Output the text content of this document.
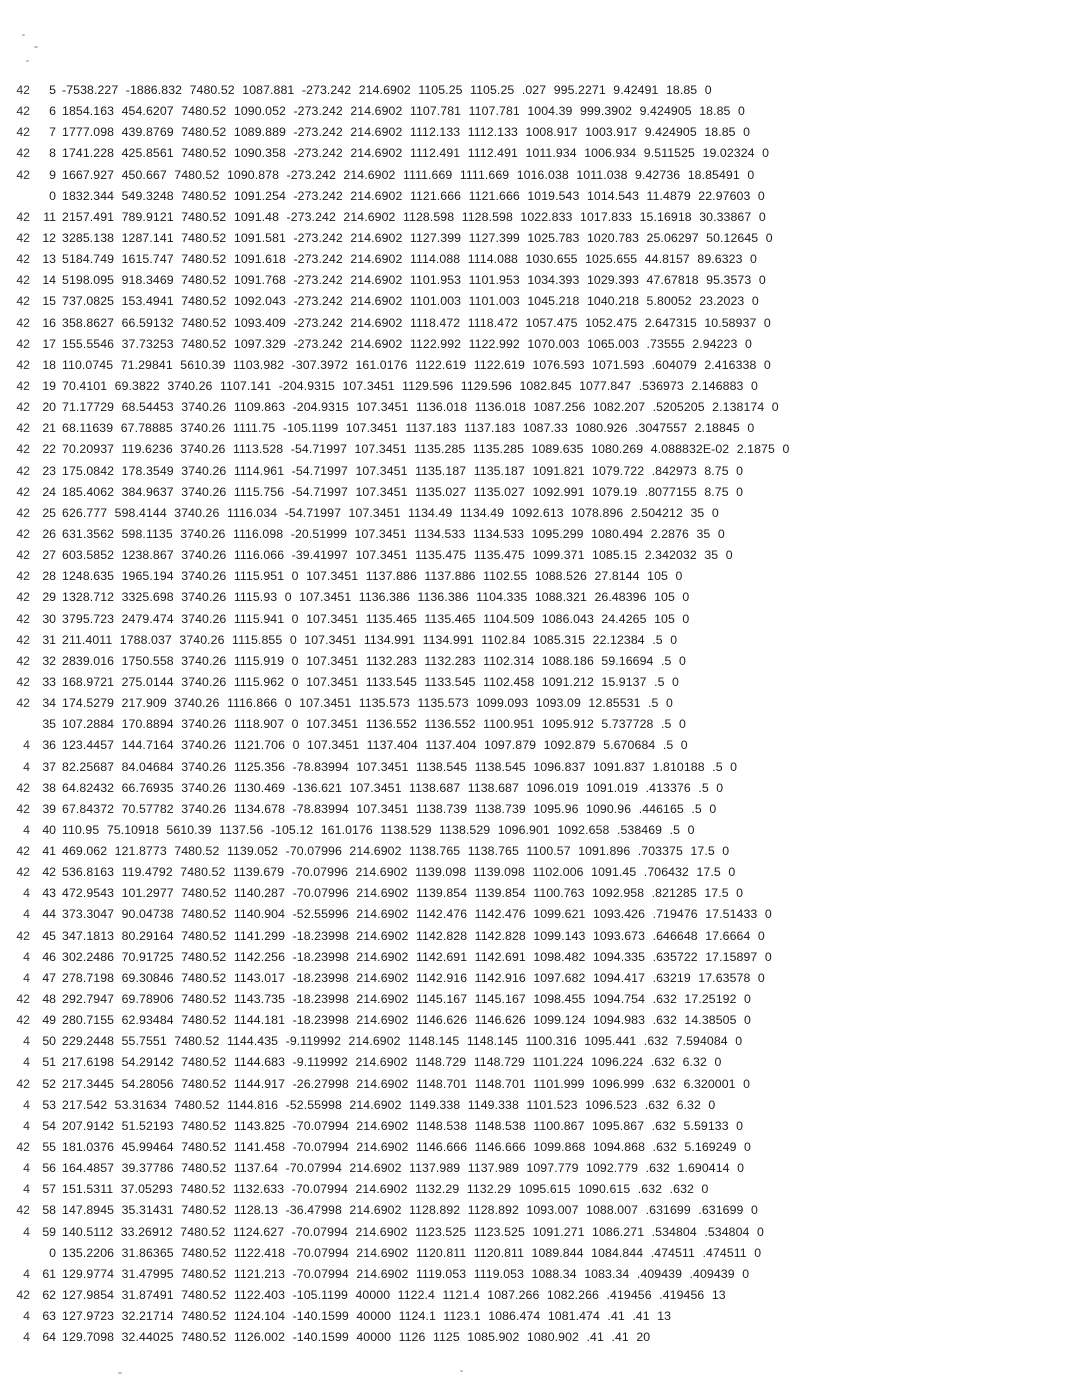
42 5 -7538.227 -1886.832 7480.52 1087.881 -273.242 214.6902 1105.25 1105.25 .027 995.2271 9.42491 18.85 0
42 6 1854.163 454.6207 7480.52 1090.052 -273.242 214.6902 1107.781 1107.781 1004.39 999.3902 9.424905 18.85 0
42 7 1777.098 439.8769 7480.52 1089.889 -273.242 214.6902 1112.133 1112.133 1008.917 1003.917 9.424905 18.85 0
42 8 1741.228 425.8561 7480.52 1090.358 -273.242 214.6902 1112.491 1112.491 1011.934 1006.934 9.511525 19.02324 0
42 9 1667.927 450.667 7480.52 1090.878 -273.242 214.6902 1111.669 1111.669 1016.038 1011.038 9.42736 18.85491 0
0 1832.344 549.3248 7480.52 1091.254 -273.242 214.6902 1121.666 1121.666 1019.543 1014.543 11.4879 22.97603 0
42 11 2157.491 789.9121 7480.52 1091.48 -273.242 214.6902 1128.598 1128.598 1022.833 1017.833 15.16918 30.33867 0
42 12 3285.138 1287.141 7480.52 1091.581 -273.242 214.6902 1127.399 1127.399 1025.783 1020.783 25.06297 50.12645 0
42 13 5184.749 1615.747 7480.52 1091.618 -273.242 214.6902 1114.088 1114.088 1030.655 1025.655 44.8157 89.6323 0
42 14 5198.095 918.3469 7480.52 1091.768 -273.242 214.6902 1101.953 1101.953 1034.393 1029.393 47.67818 95.3573 0
42 15 737.0825 153.4941 7480.52 1092.043 -273.242 214.6902 1101.003 1101.003 1045.218 1040.218 5.80052 23.2023 0
42 16 358.8627 66.59132 7480.52 1093.409 -273.242 214.6902 1118.472 1118.472 1057.475 1052.475 2.647315 10.58937 0
42 17 155.5546 37.73253 7480.52 1097.329 -273.242 214.6902 1122.992 1122.992 1070.003 1065.003 .73555 2.94223 0
42 18 110.0745 71.29841 5610.39 1103.982 -307.3972 161.0176 1122.619 1122.619 1076.593 1071.593 .604079 2.416338 0
42 19 70.4101 69.3822 3740.26 1107.141 -204.9315 107.3451 1129.596 1129.596 1082.845 1077.847 .536973 2.146883 0
42 20 71.17729 68.54453 3740.26 1109.863 -204.9315 107.3451 1136.018 1136.018 1087.256 1082.207 .5205205 2.138174 0
42 21 68.11639 67.78885 3740.26 1111.75 -105.1199 107.3451 1137.183 1137.183 1087.33 1080.926 .3047557 2.18845 0
42 22 70.20937 119.6236 3740.26 1113.528 -54.71997 107.3451 1135.285 1135.285 1089.635 1080.269 4.088832E-02 2.1875 0
42 23 175.0842 178.3549 3740.26 1114.961 -54.71997 107.3451 1135.187 1135.187 1091.821 1079.722 .842973 8.75 0
42 24 185.4062 384.9637 3740.26 1115.756 -54.71997 107.3451 1135.027 1135.027 1092.991 1079.19 .8077155 8.75 0
42 25 626.777 598.4144 3740.26 1116.034 -54.71997 107.3451 1134.49 1134.49 1092.613 1078.896 2.504212 35 0
42 26 631.3562 598.1135 3740.26 1116.098 -20.51999 107.3451 1134.533 1134.533 1095.299 1080.494 2.2876 35 0
42 27 603.5852 1238.867 3740.26 1116.066 -39.41997 107.3451 1135.475 1135.475 1099.371 1085.15 2.342032 35 0
42 28 1248.635 1965.194 3740.26 1115.951 0 107.3451 1137.886 1137.886 1102.55 1088.526 27.8144 105 0
42 29 1328.712 3325.698 3740.26 1115.93 0 107.3451 1136.386 1136.386 1104.335 1088.321 26.48396 105 0
42 30 3795.723 2479.474 3740.26 1115.941 0 107.3451 1135.465 1135.465 1104.509 1086.043 24.4265 105 0
42 31 211.4011 1788.037 3740.26 1115.855 0 107.3451 1134.991 1134.991 1102.84 1085.315 22.12384 .5 0
42 32 2839.016 1750.558 3740.26 1115.919 0 107.3451 1132.283 1132.283 1102.314 1088.186 59.16694 .5 0
42 33 168.9721 275.0144 3740.26 1115.962 0 107.3451 1133.545 1133.545 1102.458 1091.212 15.9137 .5 0
42 34 174.5279 217.909 3740.26 1116.866 0 107.3451 1135.573 1135.573 1099.093 1093.09 12.85531 .5 0
35 107.2884 170.8894 3740.26 1118.907 0 107.3451 1136.552 1136.552 1100.951 1095.912 5.737728 .5 0
4 36 123.4457 144.7164 3740.26 1121.706 0 107.3451 1137.404 1137.404 1097.879 1092.879 5.670684 .5 0
4 37 82.25687 84.04684 3740.26 1125.356 -78.83994 107.3451 1138.545 1138.545 1096.837 1091.837 1.810188 .5 0
42 38 64.82432 66.76935 3740.26 1130.469 -136.621 107.3451 1138.687 1138.687 1096.019 1091.019 .413376 .5 0
42 39 67.84372 70.57782 3740.26 1134.678 -78.83994 107.3451 1138.739 1138.739 1095.96 1090.96 .446165 .5 0
4 40 110.95 75.10918 5610.39 1137.56 -105.12 161.0176 1138.529 1138.529 1096.901 1092.658 .538469 .5 0
42 41 469.062 121.8773 7480.52 1139.052 -70.07996 214.6902 1138.765 1138.765 1100.57 1091.896 .703375 17.5 0
42 42 536.8163 119.4792 7480.52 1139.679 -70.07996 214.6902 1139.098 1139.098 1102.006 1091.45 .706432 17.5 0
4 43 472.9543 101.2977 7480.52 1140.287 -70.07996 214.6902 1139.854 1139.854 1100.763 1092.958 .821285 17.5 0
4 44 373.3047 90.04738 7480.52 1140.904 -52.55996 214.6902 1142.476 1142.476 1099.621 1093.426 .719476 17.51433 0
42 45 347.1813 80.29164 7480.52 1141.299 -18.23998 214.6902 1142.828 1142.828 1099.143 1093.673 .646648 17.6664 0
4 46 302.2486 70.91725 7480.52 1142.256 -18.23998 214.6902 1142.691 1142.691 1098.482 1094.335 .635722 17.15897 0
4 47 278.7198 69.30846 7480.52 1143.017 -18.23998 214.6902 1142.916 1142.916 1097.682 1094.417 .63219 17.63578 0
42 48 292.7947 69.78906 7480.52 1143.735 -18.23998 214.6902 1145.167 1145.167 1098.455 1094.754 .632 17.25192 0
42 49 280.7155 62.93484 7480.52 1144.181 -18.23998 214.6902 1146.626 1146.626 1099.124 1094.983 .632 14.38505 0
4 50 229.2448 55.7551 7480.52 1144.435 -9.119992 214.6902 1148.145 1148.145 1100.316 1095.441 .632 7.594084 0
4 51 217.6198 54.29142 7480.52 1144.683 -9.119992 214.6902 1148.729 1148.729 1101.224 1096.224 .632 6.32 0
42 52 217.3445 54.28056 7480.52 1144.917 -26.27998 214.6902 1148.701 1148.701 1101.999 1096.999 .632 6.320001 0
4 53 217.542 53.31634 7480.52 1144.816 -52.55998 214.6902 1149.338 1149.338 1101.523 1096.523 .632 6.32 0
4 54 207.9142 51.52193 7480.52 1143.825 -70.07994 214.6902 1148.538 1148.538 1100.867 1095.867 .632 5.59133 0
42 55 181.0376 45.99464 7480.52 1141.458 -70.07994 214.6902 1146.666 1146.666 1099.868 1094.868 .632 5.169249 0
4 56 164.4857 39.37786 7480.52 1137.64 -70.07994 214.6902 1137.989 1137.989 1097.779 1092.779 .632 1.690414 0
4 57 151.5311 37.05293 7480.52 1132.633 -70.07994 214.6902 1132.29 1132.29 1095.615 1090.615 .632 .632 0
42 58 147.8945 35.31431 7480.52 1128.13 -36.47998 214.6902 1128.892 1128.892 1093.007 1088.007 .631699 .631699 0
4 59 140.5112 33.26912 7480.52 1124.627 -70.07994 214.6902 1123.525 1123.525 1091.271 1086.271 .534804 .534804 0
0 135.2206 31.86365 7480.52 1122.418 -70.07994 214.6902 1120.811 1120.811 1089.844 1084.844 .474511 .474511 0
4 61 129.9774 31.47995 7480.52 1121.213 -70.07994 214.6902 1119.053 1119.053 1088.34 1083.34 .409439 .409439 0
42 62 127.9854 31.87491 7480.52 1122.403 -105.1199 40000 1122.4 1121.4 1087.266 1082.266 .419456 .419456 13
4 63 127.9723 32.21714 7480.52 1124.104 -140.1599 40000 1124.1 1123.1 1086.474 1081.474 .41 .41 13
4 64 129.7098 32.44025 7480.52 1126.002 -140.1599 40000 1126 1125 1085.902 1080.902 .41 .41 20
